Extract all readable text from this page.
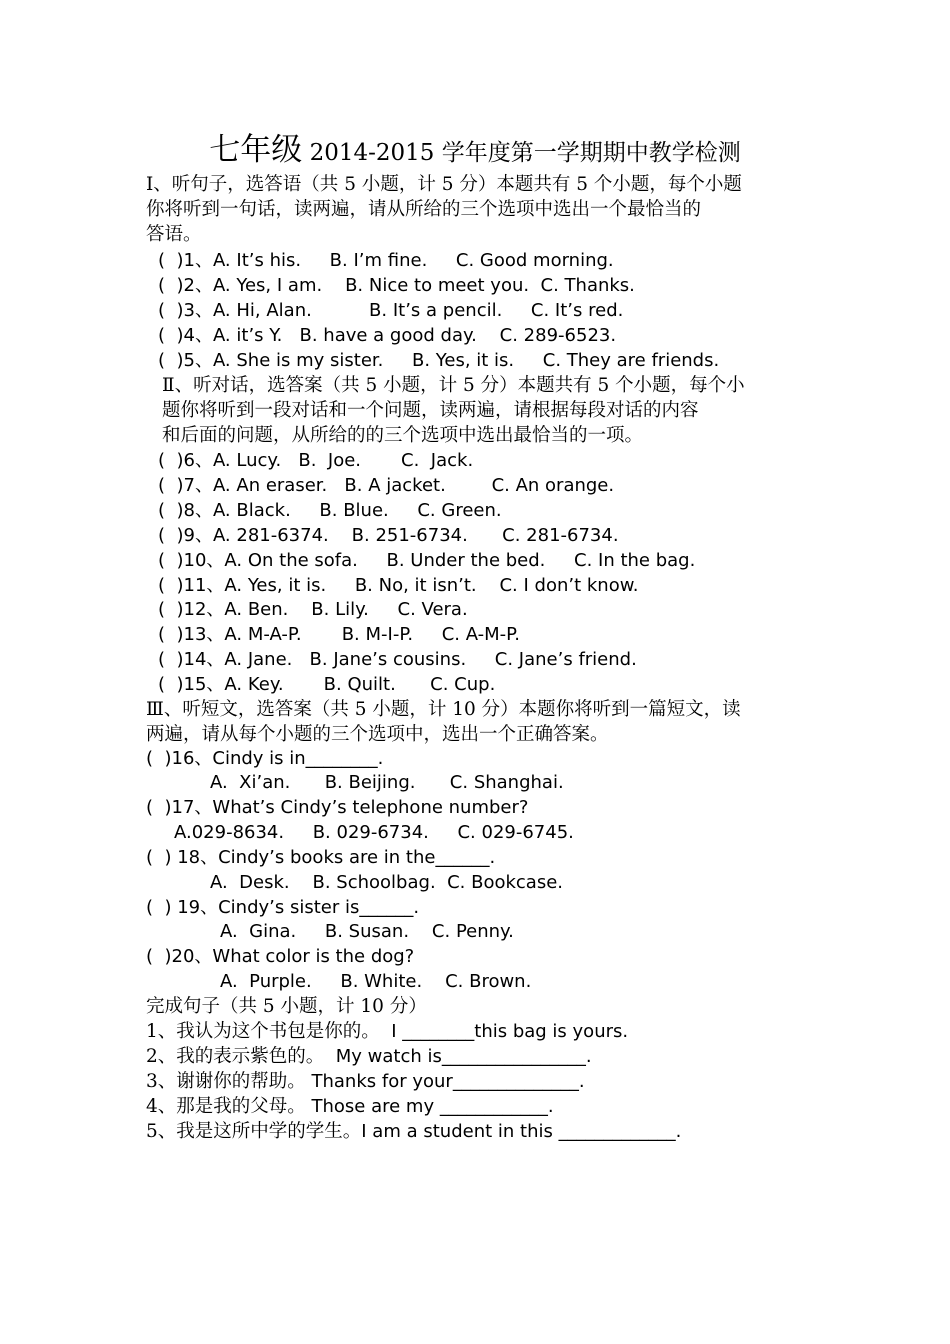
七年级 2014-2015 学年度第一学期期中教学检测
Ⅰ、听句子，选答语（共 5 小题，计 5 分）本题共有 5 个小题，每个小题
你将听到一句话，读两遍，请从所给的三个选项中选出一个最恰当的
答语。
(  )1、A. It’s his.     B. I’m fine.     C. Good morning.
(  )2、A. Yes, I am.    B. Nice to meet you.  C. Thanks.
(  )3、A. Hi, Alan.          B. It’s a pencil.     C. It’s red.
(  )4、A. it’s Y.   B. have a good day.    C. 289-6523.
(  )5、A. She is my sister.     B. Yes, it is.     C. They are friends.
Ⅱ、听对话，选答案（共 5 小题，计 5 分）本题共有 5 个小题，每个小
题你将听到一段对话和一个问题，读两遍，请根据每段对话的内容
和后面的问题，从所给的的三个选项中选出最恰当的一项。
(  )6、A. Lucy.   B.  Joe.       C.  Jack.
(  )7、A. An eraser.   B. A jacket.        C. An orange.
(  )8、A. Black.     B. Blue.     C. Green.
(  )9、A. 281-6374.    B. 251-6734.      C. 281-6734.
(  )10、A. On the sofa.     B. Under the bed.     C. In the bag.
(  )11、A. Yes, it is.     B. No, it isn’t.    C. I don’t know.
(  )12、A. Ben.    B. Lily.     C. Vera.
(  )13、A. M-A-P.       B. M-I-P.     C. A-M-P.
(  )14、A. Jane.   B. Jane’s cousins.     C. Jane’s friend.
(  )15、A. Key.       B. Quilt.      C. Cup.
Ⅲ、听短文，选答案（共 5 小题，计 10 分）本题你将听到一篇短文，读
两遍，请从每个小题的三个选项中，选出一个正确答案。
(  )16、Cindy is in________.
A.  Xi’an.      B. Beijing.      C. Shanghai.
(  )17、What’s Cindy’s telephone number?
A.029-8634.     B. 029-6734.     C. 029-6745.
(  ) 18、Cindy’s books are in the______.
A.  Desk.    B. Schoolbag.  C. Bookcase.
(  ) 19、Cindy’s sister is______.
A.  Gina.     B. Susan.    C. Penny.
(  )20、What color is the dog?
A.  Purple.     B. White.    C. Brown.
完成句子（共 5 小题，计 10 分）
1、我认为这个书包是你的。  I ________this bag is yours.
2、我的表示紫色的。  My watch is________________.
3、谢谢你的帮助。 Thanks for your______________.
4、那是我的父母。 Those are my ____________.
5、我是这所中学的学生。I am a student in this _____________.
